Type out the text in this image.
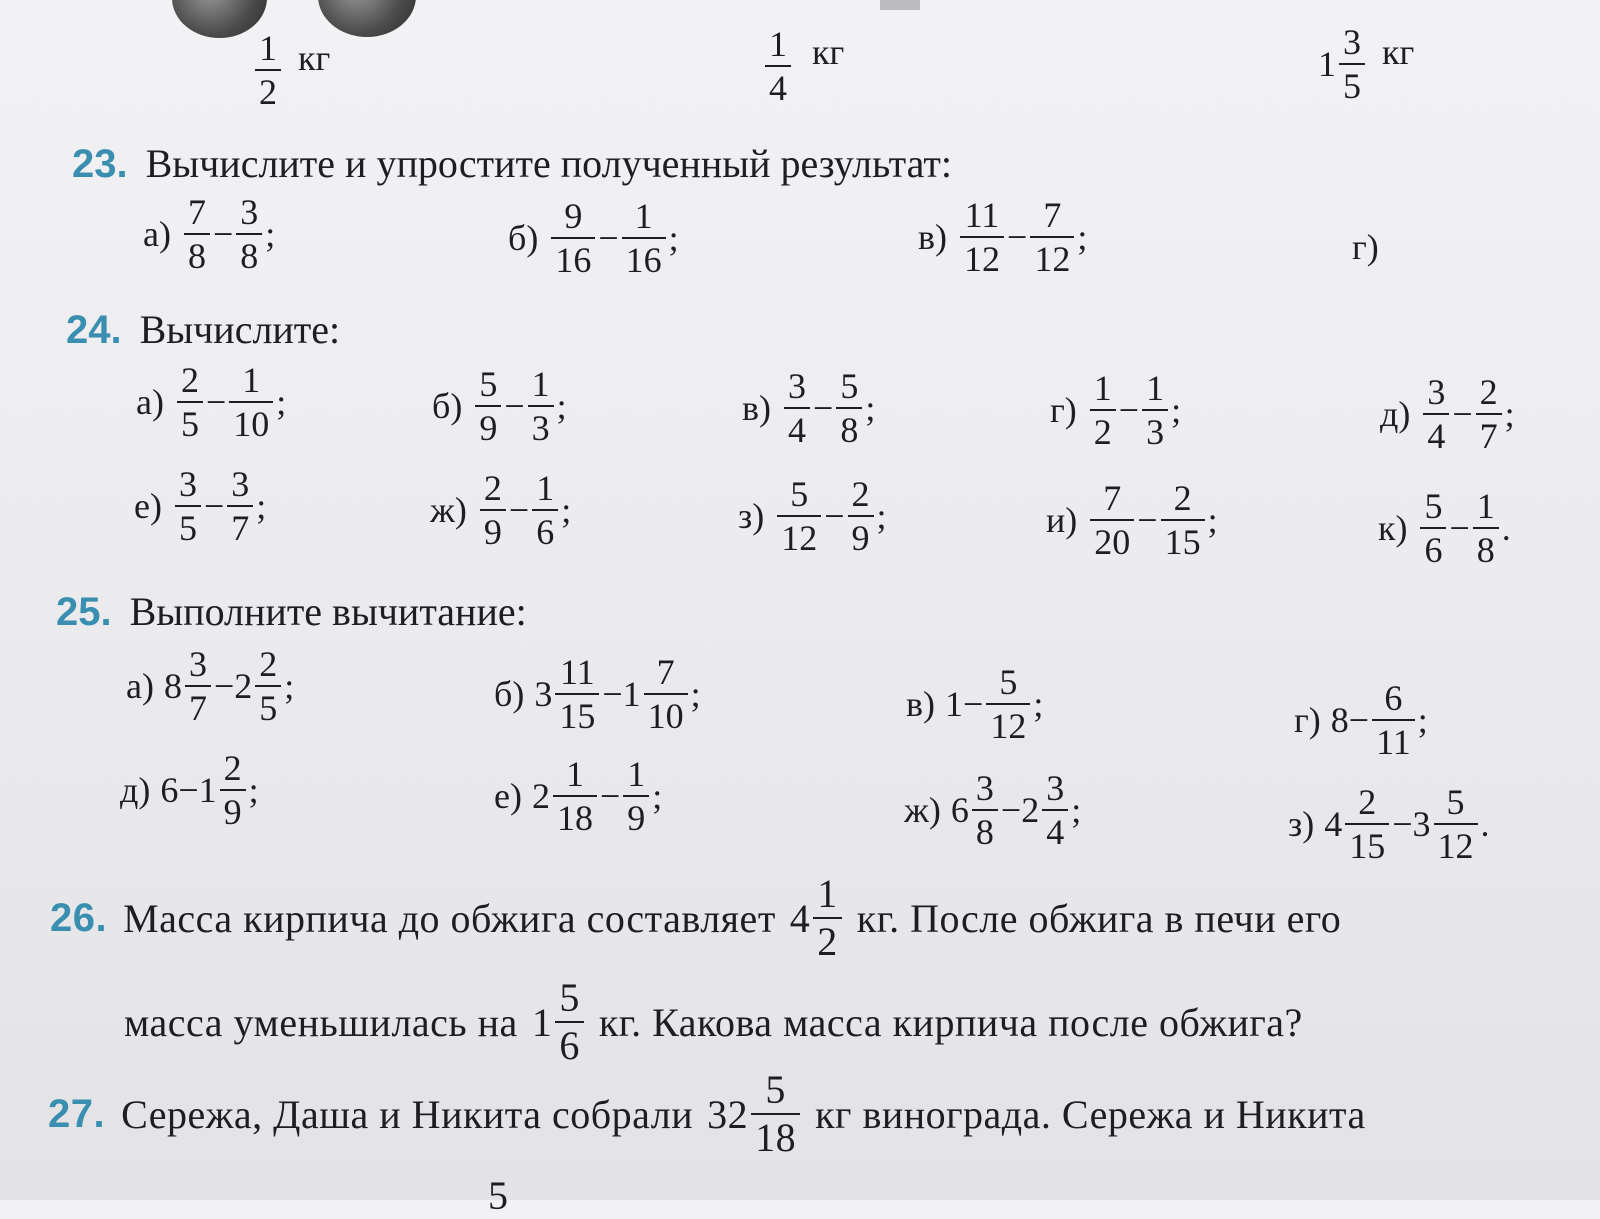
$\frac{1}{2}$ кг	$\frac{1}{4}$ кг	$1 \frac{3}{5}$ кг
23. Вычислите и упростите полученный результат:
$а) \frac{7}{8} - \frac{3}{8}$ ;	$б) \frac{9}{16} - \frac{1}{16}$ ;	$в) \frac{11}{12} - \frac{7}{12}$ ;	г)
24. Вычислите:
$а) \frac{2}{5} - \frac{1}{10}$ ;	$б) \frac{5}{9} - \frac{1}{3}$ ;	$в) \frac{3}{4} - \frac{5}{8}$ ;	$г) \frac{1}{2} - \frac{1}{3}$ ;	$д) \frac{3}{4} - \frac{2}{7}$ ;
$е) \frac{3}{5} - \frac{3}{7}$ ;	$ж) \frac{2}{9} - \frac{1}{6}$ ;	$з) \frac{5}{12} - \frac{2}{9}$ ;	$и) \frac{7}{20} - \frac{2}{15}$ ;	$к) \frac{5}{6} - \frac{1}{8}$ .
25. Выполните вычитание:
а) $8 \frac{3}{7} - 2 \frac{2}{5}$ ;	б) $3 \frac{11}{15} - 1 \frac{7}{10}$ ;	в) $1 - \frac{5}{12}$ ;	г) $8 - \frac{6}{11}$ ;
д) $6 - 1 \frac{2}{9}$ ;	е) $2 \frac{1}{18} - \frac{1}{9}$ ;	ж) $6 \frac{3}{8} - 2 \frac{3}{4}$ ;	з) $4 \frac{2}{15} - 3 \frac{5}{12}$ .
26. Масса кирпича до обжига составляет $4 \frac{1}{2}$ кг. После обжига в печи его
масса уменьшилась на $1 \frac{5}{6}$ кг. Какова масса кирпича после обжига?
27. Сережа, Даша и Никита собрали $32 \frac{5}{18}$ кг винограда. Сережа и Никита
5
